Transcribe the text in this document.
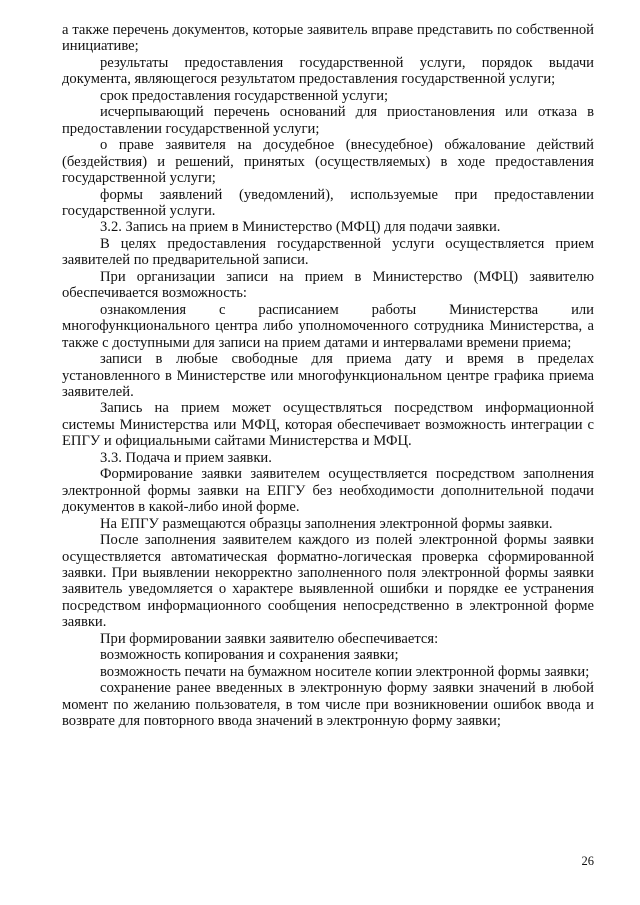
а также перечень документов, которые заявитель вправе представить по собственной инициативе;

результаты предоставления государственной услуги, порядок выдачи документа, являющегося результатом предоставления государственной услуги;

срок предоставления государственной услуги;

исчерпывающий перечень оснований для приостановления или отказа в предоставлении государственной услуги;

о праве заявителя на досудебное (внесудебное) обжалование действий (бездействия) и решений, принятых (осуществляемых) в ходе предоставления государственной услуги;

формы заявлений (уведомлений), используемые при предоставлении государственной услуги.

3.2. Запись на прием в Министерство (МФЦ) для подачи заявки.

В целях предоставления государственной услуги осуществляется прием заявителей по предварительной записи.

При организации записи на прием в Министерство (МФЦ) заявителю обеспечивается возможность:

ознакомления с расписанием работы Министерства или многофункционального центра либо уполномоченного сотрудника Министерства, а также с доступными для записи на прием датами и интервалами времени приема;

записи в любые свободные для приема дату и время в пределах установленного в Министерстве или многофункциональном центре графика приема заявителей.

Запись на прием может осуществляться посредством информационной системы Министерства или МФЦ, которая обеспечивает возможность интеграции с ЕПГУ и официальными сайтами Министерства и МФЦ.

3.3. Подача и прием заявки.

Формирование заявки заявителем осуществляется посредством заполнения электронной формы заявки на ЕПГУ без необходимости дополнительной подачи документов в какой-либо иной форме.

На ЕПГУ размещаются образцы заполнения электронной формы заявки.

После заполнения заявителем каждого из полей электронной формы заявки осуществляется автоматическая форматно-логическая проверка сформированной заявки. При выявлении некорректно заполненного поля электронной формы заявки заявитель уведомляется о характере выявленной ошибки и порядке ее устранения посредством информационного сообщения непосредственно в электронной форме заявки.

При формировании заявки заявителю обеспечивается:

возможность копирования и сохранения заявки;

возможность печати на бумажном носителе копии электронной формы заявки;

сохранение ранее введенных в электронную форму заявки значений в любой момент по желанию пользователя, в том числе при возникновении ошибок ввода и возврате для повторного ввода значений в электронную форму заявки;

26
